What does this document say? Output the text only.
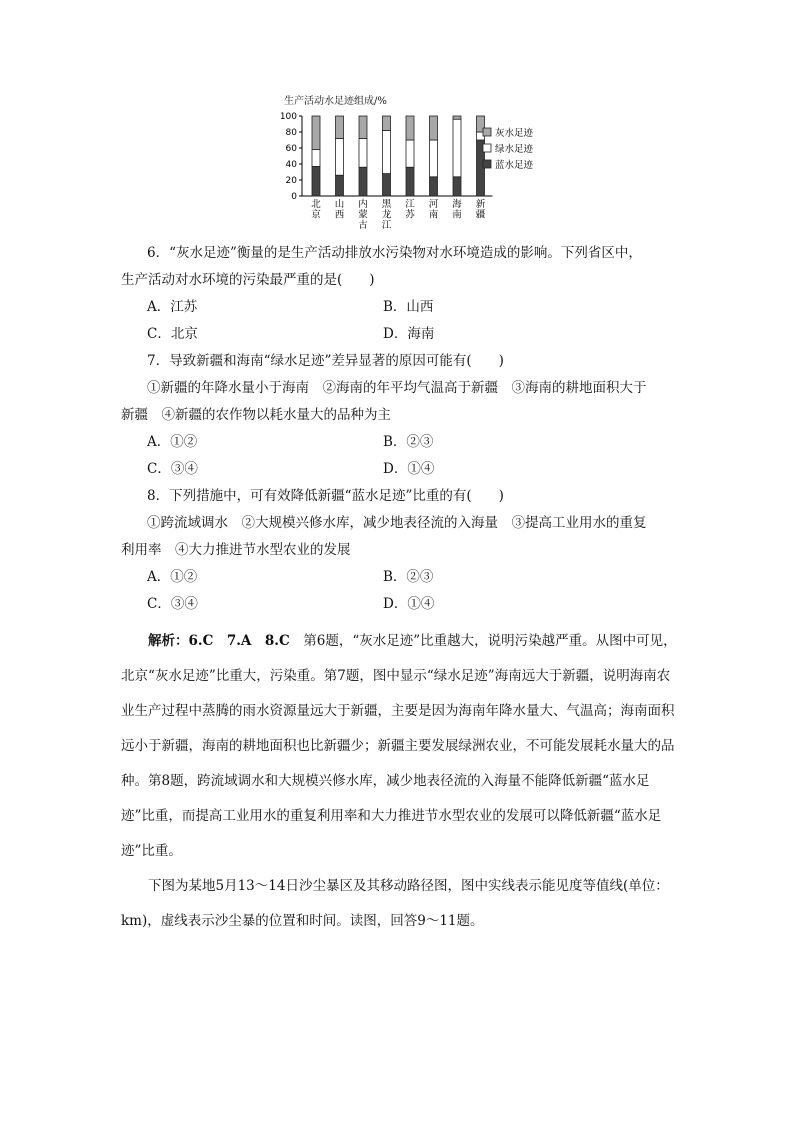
生产活动水足迹组成/%
0
20
40
60
80
100
北
京
山
西
内
蒙
古
黑
龙
江
江
苏
河
南
海
南
新
疆
灰水足迹
绿水足迹
蓝水足迹
6．“灰水足迹”衡量的是生产活动排放水污染物对水环境造成的影响。下列省区中，
生产活动对水环境的污染最严重的是(　　)
A．江苏	B．山西
C．北京	D．海南
7．导致新疆和海南“绿水足迹”差异显著的原因可能有(　　)
①新疆的年降水量小于海南　②海南的年平均气温高于新疆　③海南的耕地面积大于
新疆　④新疆的农作物以耗水量大的品种为主
A．①②	B．②③
C．③④	D．①④
8．下列措施中，可有效降低新疆“蓝水足迹”比重的有(　　)
①跨流域调水　②大规模兴修水库，减少地表径流的入海量　③提高工业用水的重复
利用率　④大力推进节水型农业的发展
A．①②	B．②③
C．③④	D．①④

解析：6.C　7.A　8.C　第6题，“灰水足迹”比重越大，说明污染越严重。从图中可见，北京“灰水足迹”比重大，污染重。第7题，图中显示“绿水足迹”海南远大于新疆，说明海南农业生产过程中蒸腾的雨水资源量远大于新疆，主要是因为海南年降水量大、气温高；海南面积远小于新疆，海南的耕地面积也比新疆少；新疆主要发展绿洲农业，不可能发展耗水量大的品种。第8题，跨流域调水和大规模兴修水库，减少地表径流的入海量不能降低新疆“蓝水足迹”比重，而提高工业用水的重复利用率和大力推进节水型农业的发展可以降低新疆“蓝水足迹”比重。

下图为某地5月13～14日沙尘暴区及其移动路径图，图中实线表示能见度等值线(单位：km)，虚线表示沙尘暴的位置和时间。读图，回答9～11题。
